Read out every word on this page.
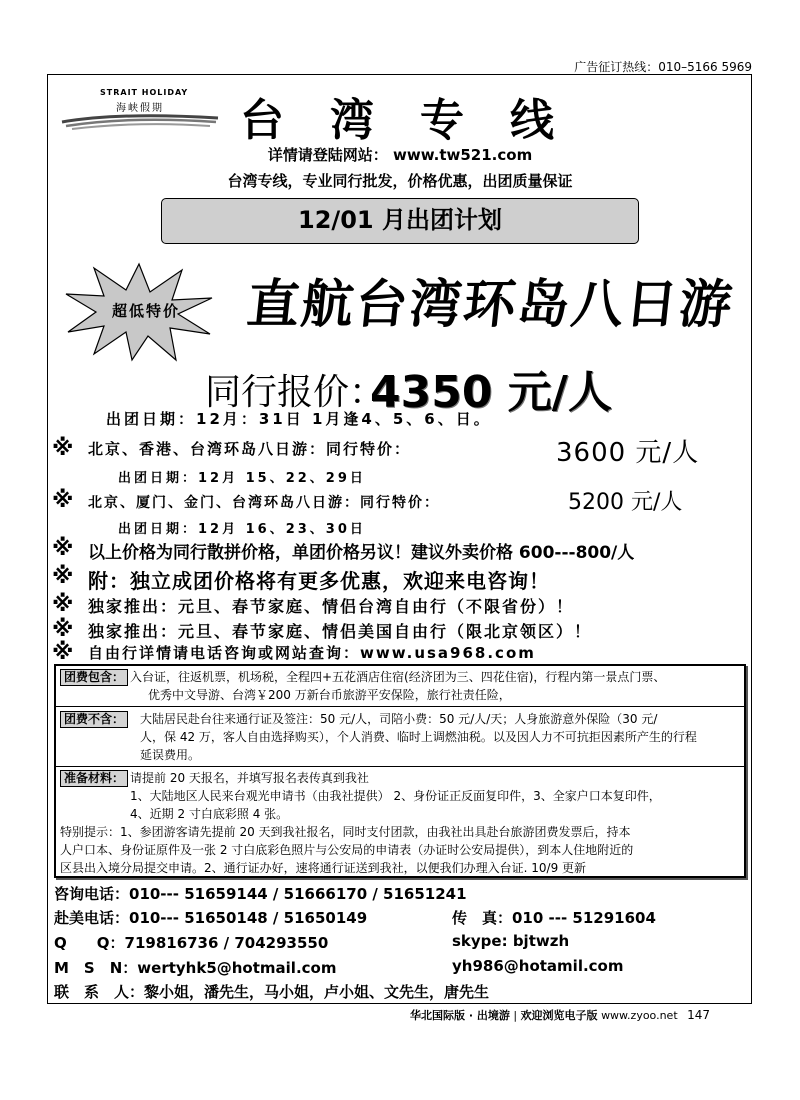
广告征订热线：010–5166 5969
STRAIT HOLIDAY
海峡假期 台湾专线
详情请登陆网站： www.tw521.com
台湾专线，专业同行批发，价格优惠，出团质量保证
12/01 月出团计划
超低特价 直航台湾环岛八日游
同行报价：
4350 元/人
出团日期：12月：31日 1月逢4、5、6、日。
※ 北京、香港、台湾环岛八日游：同行特价：	3600 元/人
出团日期：12月 15、22、29日
※ 北京、厦门、金门、台湾环岛八日游：同行特价：	5200 元/人
出团日期：12月 16、23、30日
※ 以上价格为同行散拼价格，单团价格另议！建议外卖价格 600---800/人
※ 附：独立成团价格将有更多优惠，欢迎来电咨询！
※ 独家推出：元旦、春节家庭、情侣台湾自由行（不限省份）！
※ 独家推出：元旦、春节家庭、情侣美国自由行（限北京领区）！
※ 自由行详情请电话咨询或网站查询：www.usa968.com
团费包含： 入台证，往返机票，机场税，全程四+五花酒店住宿(经济团为三、四花住宿)，行程内第一景点门票、
优秀中文导游、台湾￥200 万新台币旅游平安保险，旅行社责任险，
团费不含：	大陆居民赴台往来通行证及签注：50 元/人，司陪小费：50 元/人/天；人身旅游意外保险（30 元/
人，保 42 万，客人自由选择购买），个人消费、临时上调燃油税。以及因人力不可抗拒因素所产生的行程
延误费用。
准备材料： 请提前 20 天报名，并填写报名表传真到我社
1、大陆地区人民来台观光申请书（由我社提供） 2、身份证正反面复印件，3、全家户口本复印件，
4、近期 2 寸白底彩照 4 张。
特别提示：1、参团游客请先提前 20 天到我社报名，同时支付团款，由我社出具赴台旅游团费发票后，持本
人户口本、身份证原件及一张 2 寸白底彩色照片与公安局的申请表（办证时公安局提供），到本人住地附近的
区县出入境分局提交申请。2、通行证办好，速将通行证送到我社，以便我们办理入台证. 10/9 更新
咨询电话：010--- 51659144 / 51666170 / 51651241
赴美电话：010--- 51650148 / 51650149	传　真：010 --- 51291604
Q　　Q：719816736 / 704293550	skype: bjtwzh
M　S　N：wertyhk5@hotmail.com	yh986@hotamil.com
联　系　人：黎小姐，潘先生，马小姐，卢小姐、文先生，唐先生
华北国际版 · 出境游 | 欢迎浏览电子版 www.zyoo.net 147
